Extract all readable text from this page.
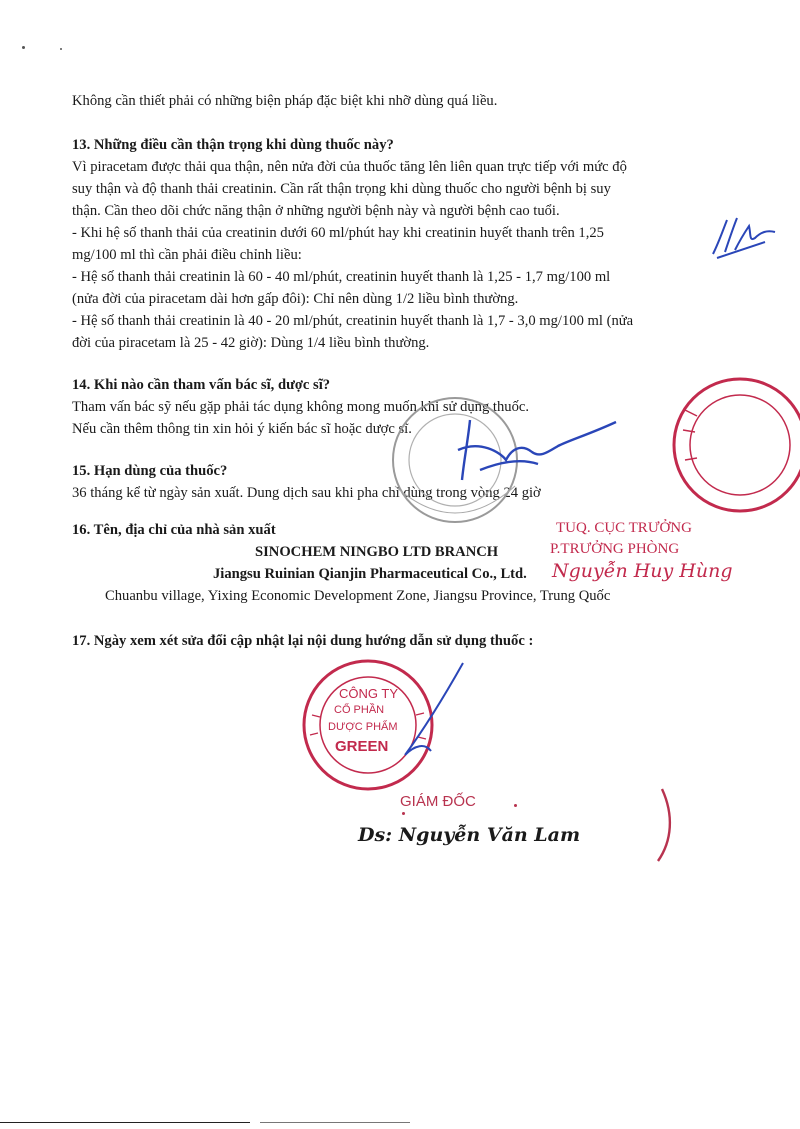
Không cần thiết phải có những biện pháp đặc biệt khi nhỡ dùng quá liều.

13. Những điều cần thận trọng khi dùng thuốc này?

Vì piracetam được thải qua thận, nên nửa đời của thuốc tăng lên liên quan trực tiếp với mức độ

suy thận và độ thanh thải creatinin. Cần rất thận trọng khi dùng thuốc cho người bệnh bị suy

thận. Cần theo dõi chức năng thận ở những người bệnh này và người bệnh cao tuổi.

- Khi hệ số thanh thải của creatinin dưới 60 ml/phút hay khi creatinin huyết thanh trên 1,25

mg/100 ml thì cần phải điều chỉnh liều:

- Hệ số thanh thải creatinin là 60 - 40 ml/phút, creatinin huyết thanh là 1,25 - 1,7 mg/100 ml

(nửa đời của piracetam dài hơn gấp đôi): Chỉ nên dùng 1/2 liều bình thường.

- Hệ số thanh thải creatinin là 40 - 20 ml/phút, creatinin huyết thanh là 1,7 - 3,0 mg/100 ml (nửa

đời của piracetam là 25 - 42 giờ): Dùng 1/4 liều bình thường.

14. Khi nào cần tham vấn bác sĩ, dược sĩ?

Tham vấn bác sỹ nếu gặp phải tác dụng không mong muốn khi sử dụng thuốc.

Nếu cần thêm thông tin xin hỏi ý kiến bác sĩ hoặc dược sĩ.

15. Hạn dùng của thuốc?

36 tháng kể từ ngày sản xuất. Dung dịch sau khi pha chỉ dùng trong vòng 24 giờ

16. Tên, địa chỉ của nhà sản xuất

SINOCHEM NINGBO LTD BRANCH

Jiangsu Ruinian Qianjin Pharmaceutical Co., Ltd.

Chuanbu village, Yixing Economic Development Zone, Jiangsu Province, Trung Quốc

TUQ. CỤC TRƯỞNG
P.TRƯỞNG PHÒNG
Nguyễn Huy Hùng

17. Ngày xem xét sửa đổi cập nhật lại nội dung hướng dẫn sử dụng thuốc :

CÔNG TY
CỔ PHẦN
DƯỢC PHẨM
GREEN
GIÁM ĐỐC
Ds: Nguyễn Văn Lam
